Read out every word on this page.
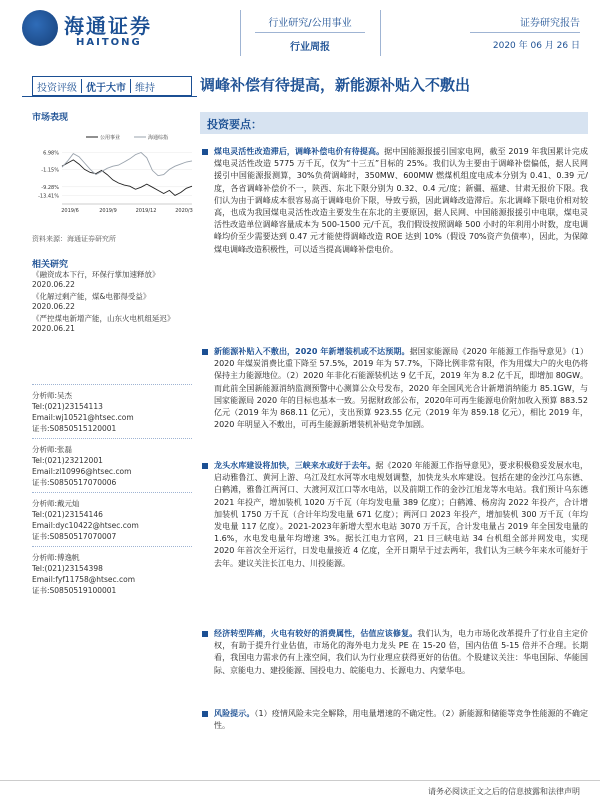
海通证券
HAITONG
行业研究/公用事业
行业周报
证券研究报告
2020 年 06 月 26 日
投资评级 优于大市 维持	调峰补偿有待提高，新能源补贴入不敷出
市场表现
公用事业	海通综指
6.98%
-1.15%
-9.28%
-13.41%
2019/6	2019/9	2019/12	2020/3
资料来源：海通证券研究所
相关研究
《融资成本下行，环保行掌加速释放》
2020.06.22
《化解过剩产能，煤&电都得受益》
2020.06.22
《严控煤电新增产能，山东火电机组延迟》
2020.06.21
分析师:吴杰
Tel:(021)23154113
Email:wj10521@htsec.com
证书:S0850515120001
分析师:张磊
Tel:(021)23212001
Email:zl10996@htsec.com
证书:S0850517070006
分析师:戴元灿
Tel:(021)23154146
Email:dyc10422@htsec.com
证书:S0850517070007
分析师:傅逸帆
Tel:(021)23154398
Email:fyf11758@htsec.com
证书:S0850519100001
投资要点：
煤电灵活性改造滞后，调峰补偿电价有待提高。据中国能源报援引国家电网，截至 2019 年我国累计完成煤电灵活性改造 5775 万千瓦，仅为“十三五”目标的 25%。我们认为主要由于调峰补偿偏低，据人民网援引中国能源报测算，30%负荷调峰时，350MW、600MW 燃煤机组度电成本分别为 0.41、0.39 元/度，各省调峰补偿价不一，陕西、东北下限分别为 0.32、0.4 元/度；新疆、福建、甘肃无报价下限。我们认为由于调峰成本很容易高于调峰电价下限，导致亏损，因此调峰改造滞后。东北调峰下限电价相对较高，也成为我国煤电灵活性改造主要发生在东北的主要原因，据人民网、中国能源报援引中电联，煤电灵活性改造单位调峰容量成本为 500-1500 元/千瓦，我们假设按照调峰 500 小时的年利用小时数，度电调峰均价至少需要达到 0.47 元才能使得调峰改造 ROE 达到 10%（假设 70%资产负债率），因此，为保障煤电调峰改造积极性，可以适当提高调峰补偿电价。
新能源补贴入不敷出，2020 年新增装机或不达预期。据国家能源局《2020 年能源工作指导意见》（1）2020 年煤炭消费比重下降至 57.5%，2019 年为 57.7%，下降比例非常有限，作为用煤大户的火电仍将保持主力能源地位。（2）2020 年非化石能源装机达 9 亿千瓦，2019 年为 8.2 亿千瓦，即增加 80GW。而此前全国新能源消纳监测预警中心测算公众号发布，2020 年全国风光合计新增消纳能力 85.1GW，与国家能源局 2020 年的目标也基本一致。另据财政部公布，2020年可再生能源电价附加收入预算 883.52 亿元（2019 年为 868.11 亿元），支出预算 923.55 亿元（2019 年为 859.18 亿元），相比 2019 年，2020 年明显入不敷出，可再生能源新增装机补贴竞争加剧。
龙头水库建设将加快，三峡来水或好于去年。据《2020 年能源工作指导意见》，要求积极稳妥发展水电，启动雅鲁江、黄河上游、乌江及红水河等水电规划调整，加快龙头水库建设。包括在建的金沙江乌东德、白鹤滩，雅鲁江两河口、大渡河双江口等水电站，以及前期工作的金沙江旭龙等水电站。我们预计乌东德 2021 年投产，增加装机 1020 万千瓦（年均发电量 389 亿度）；白鹤滩、杨房沟 2022 年投产，合计增加装机 1750 万千瓦（合计年均发电量 671 亿度）；两河口 2023 年投产，增加装机 300 万千瓦（年均发电量 117 亿度）。2021-2023年新增大型水电站 3070 万千瓦，合计发电量占 2019 年全国发电量的 1.6%，水电发电量年均增速 3%。据长江电力官网，21 日三峡电站 34 台机组全部并网发电，实现 2020 年首次全开运行，日发电量接近 4 亿度，全开日期早于过去两年，我们认为三峡今年来水可能好于去年。建议关注长江电力、川投能源。
经济转型阵痛，火电有较好的消费属性，估值应该修复。我们认为，电力市场化改革提升了行业自主定价权，有助于提升行业估值，市场化的海外电力龙头 PE 在 15-20 倍，国内估值 5-15 倍并不合理。长期看，我国电力需求仍有上涨空间，我们认为行业理应获得更好的估值。个股建议关注：华电国际、华能国际、京能电力、建投能源、国投电力、皖能电力、长源电力、内蒙华电。
风险提示。（1）疫情风险未完全解除，用电量增速的不确定性。（2）新能源和储能等竞争性能源的不确定性。
请务必阅读正文之后的信息披露和法律声明
